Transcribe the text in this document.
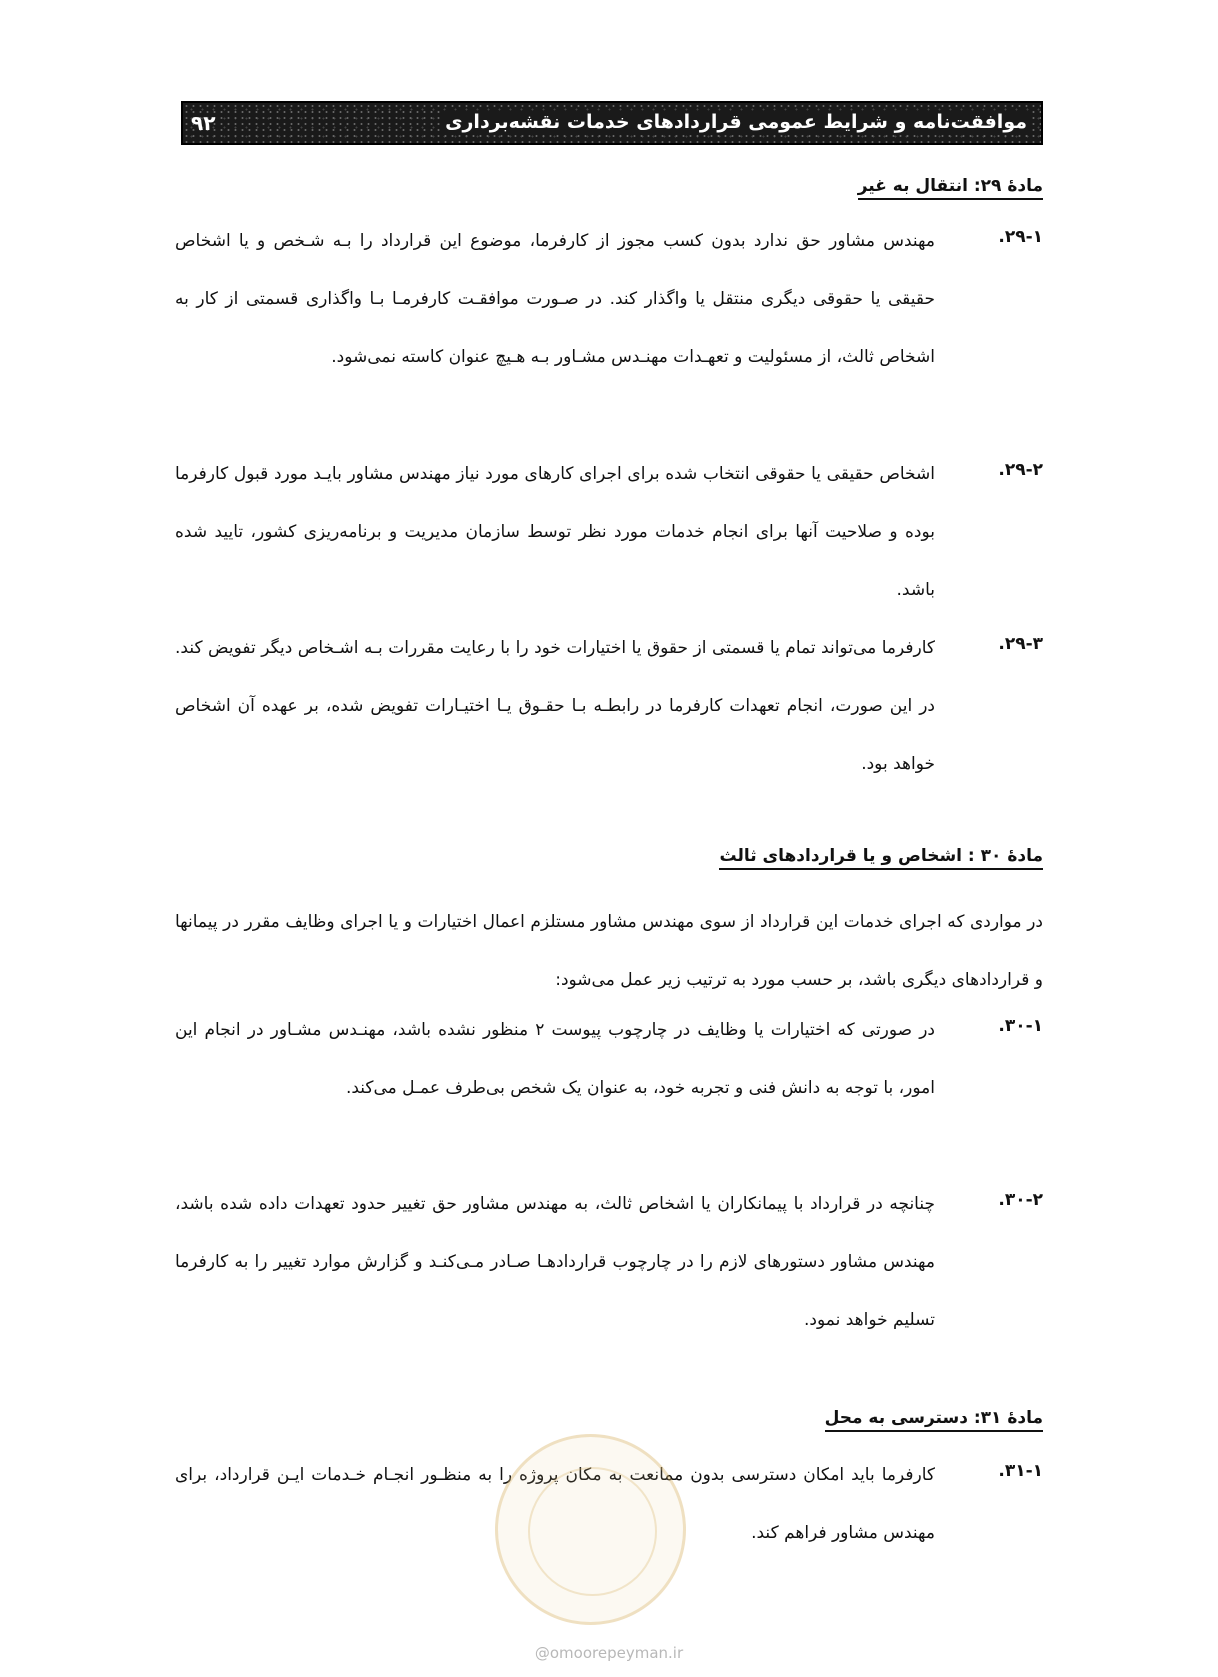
۹۲	موافقت‌نامه و شرایط عمومی قراردادهای خدمات نقشه‌برداری
مادهٔ ۲۹: انتقال به غیر
۲۹-۱.

مهندس مشاور حق ندارد بدون کسب مجوز از کارفرما، موضوع این قرارداد را بـه شـخص و یا اشخاص حقیقی یا حقوقی دیگری منتقل یا واگذار کند. در صـورت موافقـت کارفرمـا بـا واگذاری قسمتی از کار به اشخاص ثالث، از مسئولیت و تعهـدات مهنـدس مشـاور بـه هـیچ عنوان کاسته نمی‌شود.

۲۹-۲.

اشخاص حقیقی یا حقوقی انتخاب شده برای اجرای کارهای مورد نیاز مهندس مشاور بایـد مورد قبول کارفرما بوده و صلاحیت آنها برای انجام خدمات مورد نظر توسط سازمان مدیریت و برنامه‌ریزی کشور، تایید شده باشد.

۲۹-۳.

کارفرما می‌تواند تمام یا قسمتی از حقوق یا اختیارات خود را با رعایت مقررات بـه اشـخاص دیگر تفویض کند. در این صورت، انجام تعهدات کارفرما در رابطـه بـا حقـوق یـا اختیـارات تفویض شده، بر عهده آن اشخاص خواهد بود.

مادهٔ ۳۰ : اشخاص و یا قراردادهای ثالث

در مواردی که اجرای خدمات این قرارداد از سوی مهندس مشاور مستلزم اعمال اختیارات و یا اجرای وظایف مقرر در پیمانها و قراردادهای دیگری باشد، بر حسب مورد به ترتیب زیر عمل می‌شود:

۳۰-۱.

در صورتی که اختیارات یا وظایف در چارچوب پیوست ۲ منظور نشده باشد، مهنـدس مشـاور در انجام این امور، با توجه به دانش فنی و تجربه خود، به عنوان یک شخص بی‌طرف عمـل می‌کند.

۳۰-۲.

چنانچه در قرارداد با پیمانکاران یا اشخاص ثالث، به مهندس مشاور حق تغییر حدود تعهدات داده شده باشد، مهندس مشاور دستورهای لازم را در چارچوب قراردادهـا صـادر مـی‌کنـد و گزارش موارد تغییر را به کارفرما تسلیم خواهد نمود.

مادهٔ ۳۱: دسترسی به محل
۳۱-۱.

کارفرما باید امکان دسترسی بدون ممانعت به مکان پروژه را به منظـور انجـام خـدمات ایـن قرارداد، برای مهندس مشاور فراهم کند.

@omoorepeyman.ir
